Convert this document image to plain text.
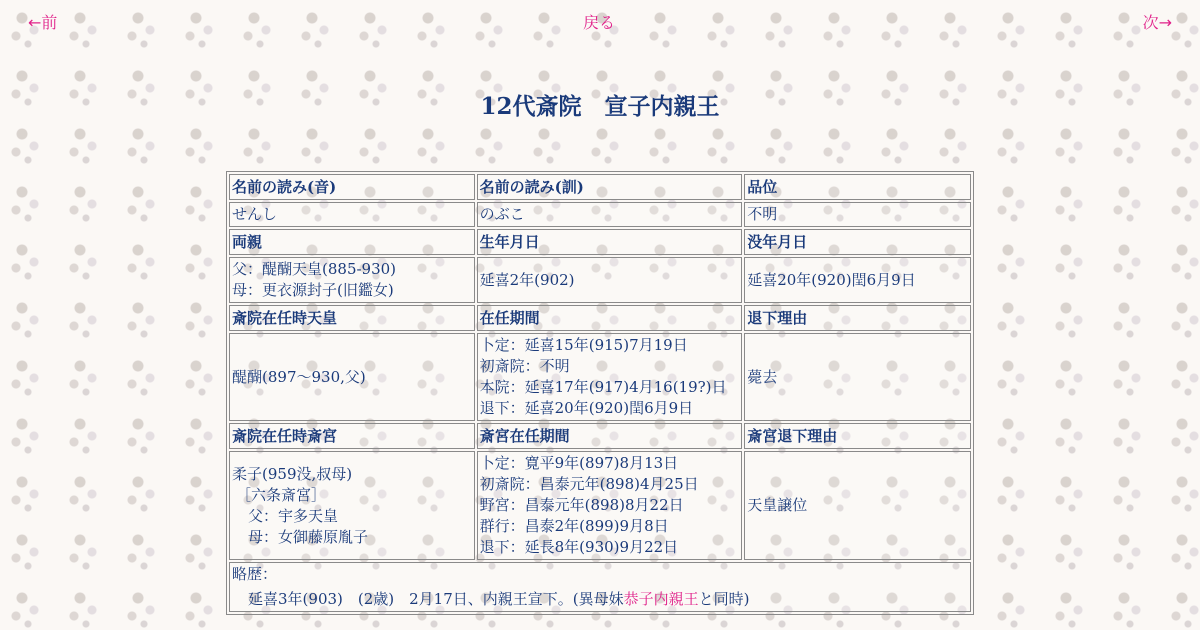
←前	戻る	次→
12代斎院　宣子内親王
名前の読み(音)	名前の読み(訓)	品位
せんし	のぶこ	不明
両親	生年月日	没年月日

父：醍醐天皇(885-930)
母：更衣源封子(旧鑑女)	延喜2年(902)	延喜20年(920)閏6月9日
斎院在任時天皇	在任期間	退下理由
醍醐(897～930,父)	卜定：延喜15年(915)7月19日
初斎院：不明
本院：延喜17年(917)4月16(19?)日
退下：延喜20年(920)閏6月9日	薨去
斎院在任時斎宮	斎宮在任期間	斎宮退下理由

柔子(959没,叔母)
［六条斎宮］
父：宇多天皇
母：女御藤原胤子	卜定：寛平9年(897)8月13日
初斎院：昌泰元年(898)4月25日
野宮：昌泰元年(898)8月22日
群行：昌泰2年(899)9月8日
退下：延長8年(930)9月22日	天皇譲位

略歴：
延喜3年(903)　(2歳)　2月17日、内親王宣下。(異母妹恭子内親王と同時)		
